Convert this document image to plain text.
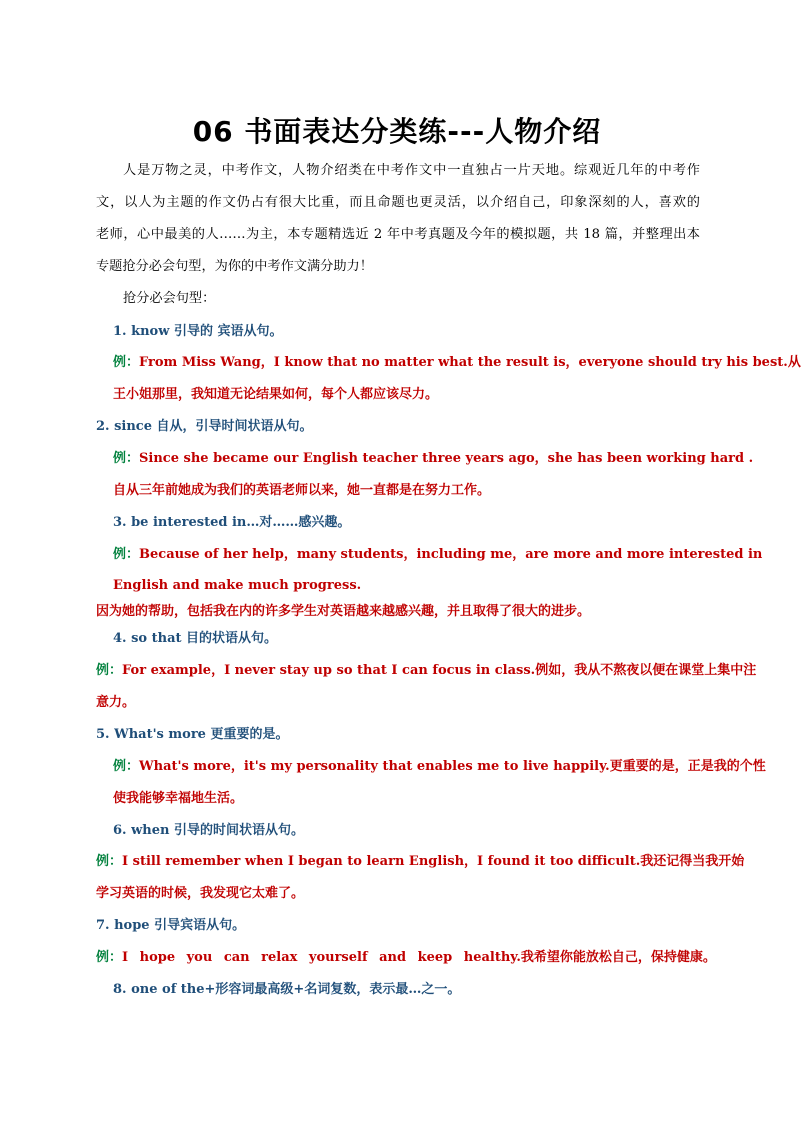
06 书面表达分类练---人物介绍
人是万物之灵，中考作文，人物介绍类在中考作文中一直独占一片天地。综观近几年的中考作
文，以人为主题的作文仍占有很大比重，而且命题也更灵活，以介绍自己，印象深刻的人，喜欢的
老师，心中最美的人……为主，本专题精选近 2 年中考真题及今年的模拟题，共 18 篇，并整理出本
专题抢分必会句型，为你的中考作文满分助力！
抢分必会句型：
1. know 引导的 宾语从句。
例：From Miss Wang，I know that no matter what the result is，everyone should try his best.从
王小姐那里，我知道无论结果如何，每个人都应该尽力。
2. since 自从，引导时间状语从句。
例：Since she became our English teacher three years ago，she has been working hard .
自从三年前她成为我们的英语老师以来，她一直都是在努力工作。
3. be interested in…对……感兴趣。
例：Because of her help，many students，including me，are more and more interested in
English and make much progress.
因为她的帮助，包括我在内的许多学生对英语越来越感兴趣，并且取得了很大的进步。
4. so that 目的状语从句。
例：For example，I never stay up so that I can focus in class.例如，我从不熬夜以便在课堂上集中注
意力。
5. What's more 更重要的是。
例：What's more，it's my personality that enables me to live happily.更重要的是，正是我的个性
使我能够幸福地生活。
6. when 引导的时间状语从句。
例：I still remember when I began to learn English，I found it too difficult.我还记得当我开始
学习英语的时候，我发现它太难了。
7. hope 引导宾语从句。
例：I hope you can relax yourself and keep healthy.我希望你能放松自己，保持健康。
8. one of the+形容词最高级+名词复数，表示最…之一。
